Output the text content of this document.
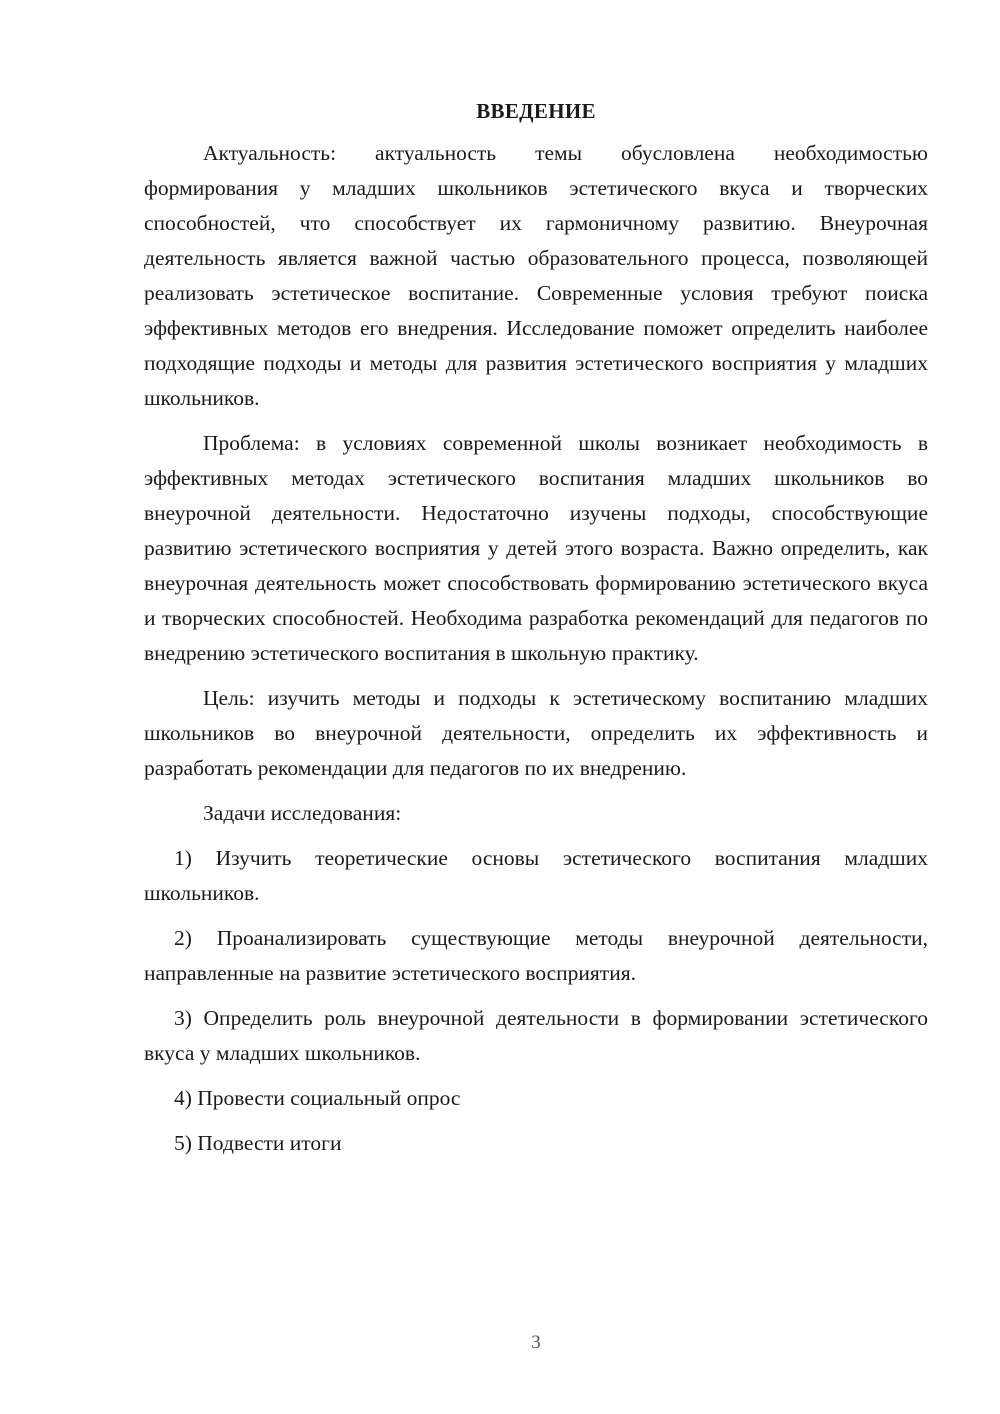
ВВЕДЕНИЕ

Актуальность: актуальность темы обусловлена необходимостью формирования у младших школьников эстетического вкуса и творческих способностей, что способствует их гармоничному развитию. Внеурочная деятельность является важной частью образовательного процесса, позволяющей реализовать эстетическое воспитание. Современные условия требуют поиска эффективных методов его внедрения. Исследование поможет определить наиболее подходящие подходы и методы для развития эстетического восприятия у младших школьников.

Проблема: в условиях современной школы возникает необходимость в эффективных методах эстетического воспитания младших школьников во внеурочной деятельности. Недостаточно изучены подходы, способствующие развитию эстетического восприятия у детей этого возраста. Важно определить, как внеурочная деятельность может способствовать формированию эстетического вкуса и творческих способностей. Необходима разработка рекомендаций для педагогов по внедрению эстетического воспитания в школьную практику.

Цель: изучить методы и подходы к эстетическому воспитанию младших школьников во внеурочной деятельности, определить их эффективность и разработать рекомендации для педагогов по их внедрению.

Задачи исследования:

1) Изучить теоретические основы эстетического воспитания младших школьников.

2) Проанализировать существующие методы внеурочной деятельности, направленные на развитие эстетического восприятия.

3) Определить роль внеурочной деятельности в формировании эстетического вкуса у младших школьников.

4) Провести социальный опрос

5) Подвести итоги

3
